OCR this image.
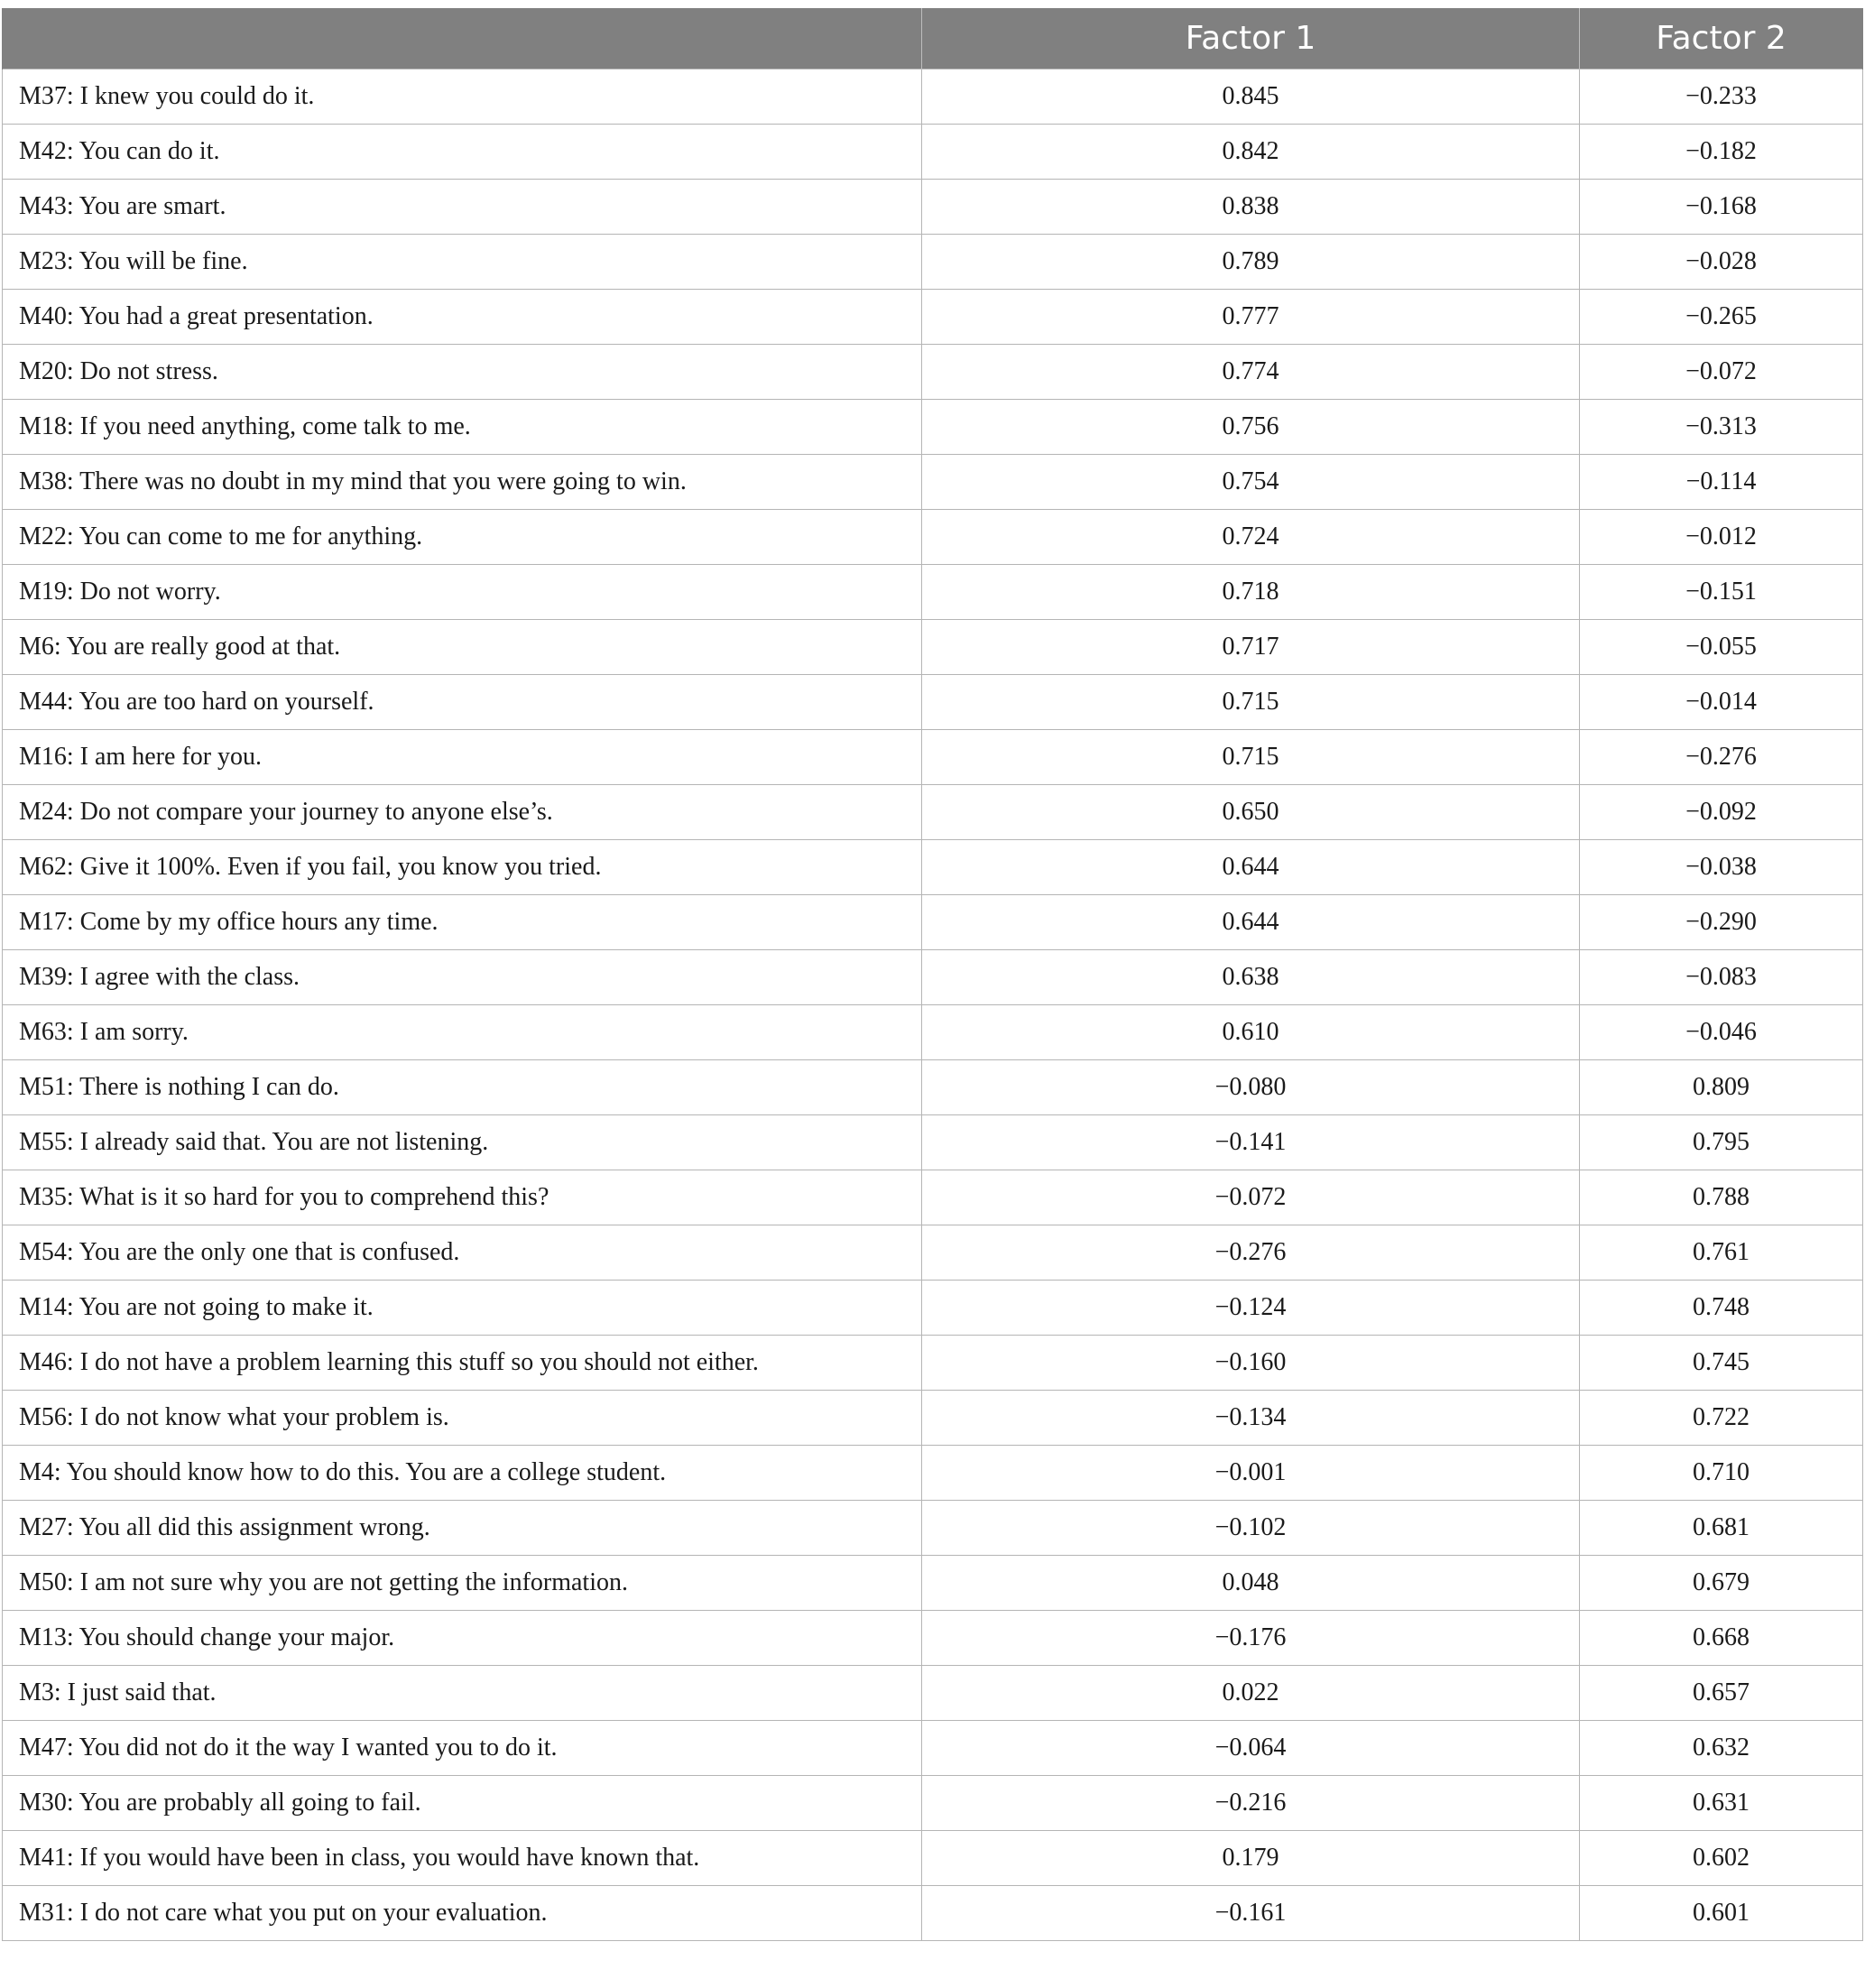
	Factor 1	Factor 2
M37: I knew you could do it.	0.845	−0.233
M42: You can do it.	0.842	−0.182
M43: You are smart.	0.838	−0.168
M23: You will be fine.	0.789	−0.028
M40: You had a great presentation.	0.777	−0.265
M20: Do not stress.	0.774	−0.072
M18: If you need anything, come talk to me.	0.756	−0.313
M38: There was no doubt in my mind that you were going to win.	0.754	−0.114
M22: You can come to me for anything.	0.724	−0.012
M19: Do not worry.	0.718	−0.151
M6: You are really good at that.	0.717	−0.055
M44: You are too hard on yourself.	0.715	−0.014
M16: I am here for you.	0.715	−0.276
M24: Do not compare your journey to anyone else’s.	0.650	−0.092
M62: Give it 100%. Even if you fail, you know you tried.	0.644	−0.038
M17: Come by my office hours any time.	0.644	−0.290
M39: I agree with the class.	0.638	−0.083
M63: I am sorry.	0.610	−0.046
M51: There is nothing I can do.	−0.080	0.809
M55: I already said that. You are not listening.	−0.141	0.795
M35: What is it so hard for you to comprehend this?	−0.072	0.788
M54: You are the only one that is confused.	−0.276	0.761
M14: You are not going to make it.	−0.124	0.748
M46: I do not have a problem learning this stuff so you should not either.	−0.160	0.745
M56: I do not know what your problem is.	−0.134	0.722
M4: You should know how to do this. You are a college student.	−0.001	0.710
M27: You all did this assignment wrong.	−0.102	0.681
M50: I am not sure why you are not getting the information.	0.048	0.679
M13: You should change your major.	−0.176	0.668
M3: I just said that.	0.022	0.657
M47: You did not do it the way I wanted you to do it.	−0.064	0.632
M30: You are probably all going to fail.	−0.216	0.631
M41: If you would have been in class, you would have known that.	0.179	0.602
M31: I do not care what you put on your evaluation.	−0.161	0.601
